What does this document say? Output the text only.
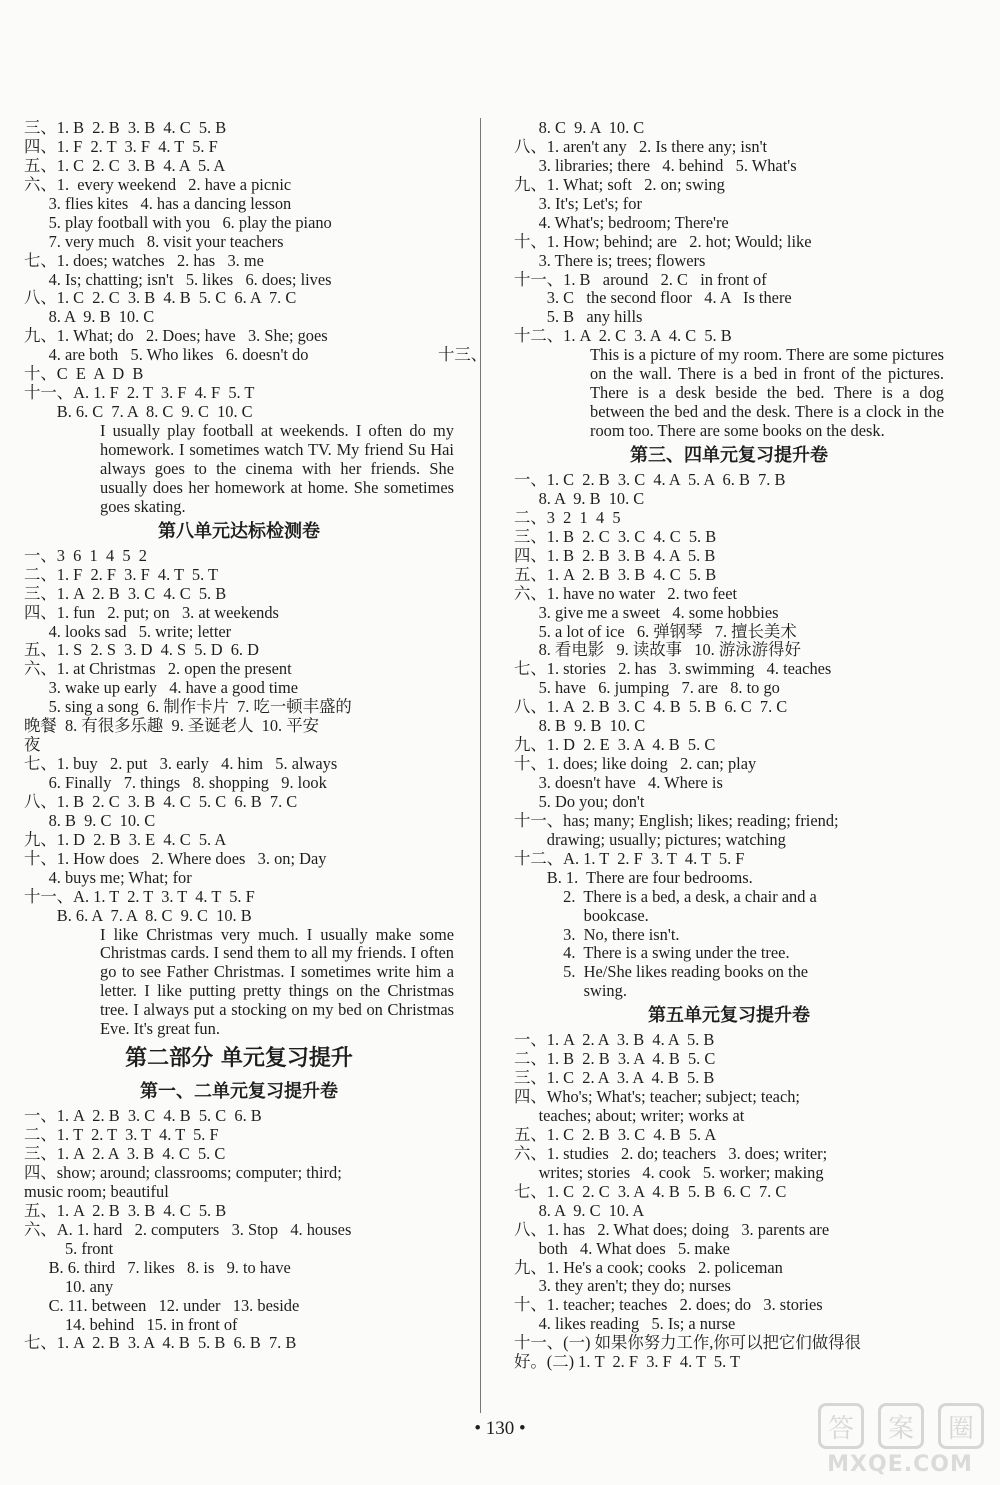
三、1. B  2. B  3. B  4. C  5. B
四、1. F  2. T  3. F  4. T  5. F
五、1. C  2. C  3. B  4. A  5. A
六、1.  every weekend   2. have a picnic
3. flies kites   4. has a dancing lesson
5. play football with you   6. play the piano
7. very much   8. visit your teachers
七、1. does; watches   2. has   3. me
4. Is; chatting; isn't   5. likes   6. does; lives
八、1. C  2. C  3. B  4. B  5. C  6. A  7. C
8. A  9. B  10. C
九、1. What; do   2. Does; have   3. She; goes
4. are both   5. Who likes   6. doesn't do
十、C  E  A  D  B
十一、A. 1. F  2. T  3. F  4. F  5. T
B. 6. C  7. A  8. C  9. C  10. C

I usually play football at weekends. I often do my homework. I sometimes watch TV. My friend Su Hai always goes to the cinema with her friends. She usually does her homework at home. She sometimes goes skating.

第八单元达标检测卷
一、3  6  1  4  5  2
二、1. F  2. F  3. F  4. T  5. T
三、1. A  2. B  3. C  4. C  5. B
四、1. fun   2. put; on   3. at weekends
4. looks sad   5. write; letter
五、1. S  2. S  3. D  4. S  5. D  6. D
六、1. at Christmas   2. open the present
3. wake up early   4. have a good time
5. sing a song  6. 制作卡片  7. 吃一顿丰盛的
晚餐  8. 有很多乐趣  9. 圣诞老人  10. 平安
夜
七、1. buy   2. put   3. early   4. him   5. always
6. Finally   7. things   8. shopping   9. look
八、1. B  2. C  3. B  4. C  5. C  6. B  7. C
8. B  9. C  10. C
九、1. D  2. B  3. E  4. C  5. A
十、1. How does   2. Where does   3. on; Day
4. buys me; What; for
十一、A. 1. T  2. T  3. T  4. T  5. F
B. 6. A  7. A  8. C  9. C  10. B

I like Christmas very much. I usually make some Christmas cards. I send them to all my friends. I often go to see Father Christmas. I sometimes write him a letter. I like putting pretty things on the Christmas tree. I always put a stocking on my bed on Christmas Eve. It's great fun.

第二部分 单元复习提升
第一、二单元复习提升卷
一、1. A  2. B  3. C  4. B  5. C  6. B
二、1. T  2. T  3. T  4. T  5. F
三、1. A  2. A  3. B  4. C  5. C
四、show; around; classrooms; computer; third;
music room; beautiful
五、1. A  2. B  3. B  4. C  5. B
六、A. 1. hard   2. computers   3. Stop   4. houses
5. front
B. 6. third   7. likes   8. is   9. to have
10. any
C. 11. between   12. under   13. beside
14. behind   15. in front of
七、1. A  2. B  3. A  4. B  5. B  6. B  7. B
8. C  9. A  10. C
八、1. aren't any   2. Is there any; isn't
3. libraries; there   4. behind   5. What's
九、1. What; soft   2. on; swing
3. It's; Let's; for
4. What's; bedroom; There're
十、1. How; behind; are   2. hot; Would; like
3. There is; trees; flowers
十一、1. B   around   2. C   in front of
3. C   the second floor   4. A   Is there
5. B   any hills
十二、1. A  2. C  3. A  4. C  5. B

十三、	This is a picture of my room. There are some pictures on the wall. There is a bed in front of the pictures. There is a desk beside the bed. There is a dog between the bed and the desk. There is a clock in the room too. There are some books on the desk.

第三、四单元复习提升卷
一、1. C  2. B  3. C  4. A  5. A  6. B  7. B
8. A  9. B  10. C
二、3  2  1  4  5
三、1. B  2. C  3. C  4. C  5. B
四、1. B  2. B  3. B  4. A  5. B
五、1. A  2. B  3. B  4. C  5. B
六、1. have no water   2. two feet
3. give me a sweet   4. some hobbies
5. a lot of ice   6. 弹钢琴   7. 擅长美术
8. 看电影   9. 读故事   10. 游泳游得好
七、1. stories   2. has   3. swimming   4. teaches
5. have   6. jumping   7. are   8. to go
八、1. A  2. B  3. C  4. B  5. B  6. C  7. C
8. B  9. B  10. C
九、1. D  2. E  3. A  4. B  5. C
十、1. does; like doing   2. can; play
3. doesn't have   4. Where is
5. Do you; don't
十一、has; many; English; likes; reading; friend;
drawing; usually; pictures; watching
十二、A. 1. T  2. F  3. T  4. T  5. F
B. 1.  There are four bedrooms.
2.  There is a bed, a desk, a chair and a
bookcase.
3.  No, there isn't.
4.  There is a swing under the tree.
5.  He/She likes reading books on the
swing.
第五单元复习提升卷
一、1. A  2. A  3. B  4. A  5. B
二、1. B  2. B  3. A  4. B  5. C
三、1. C  2. A  3. A  4. B  5. B
四、Who's; What's; teacher; subject; teach;
teaches; about; writer; works at
五、1. C  2. B  3. C  4. B  5. A
六、1. studies   2. do; teachers   3. does; writer;
writes; stories   4. cook   5. worker; making
七、1. C  2. C  3. A  4. B  5. B  6. C  7. C
8. A  9. C  10. A
八、1. has   2. What does; doing   3. parents are
both   4. What does   5. make
九、1. He's a cook; cooks   2. policeman
3. they aren't; they do; nurses
十、1. teacher; teaches   2. does; do   3. stories
4. likes reading   5. Is; a nurse
十一、(一) 如果你努力工作,你可以把它们做得很
好。(二) 1. T  2. F  3. F  4. T  5. T
• 130 •	答	案	圈
MXQE.COM
